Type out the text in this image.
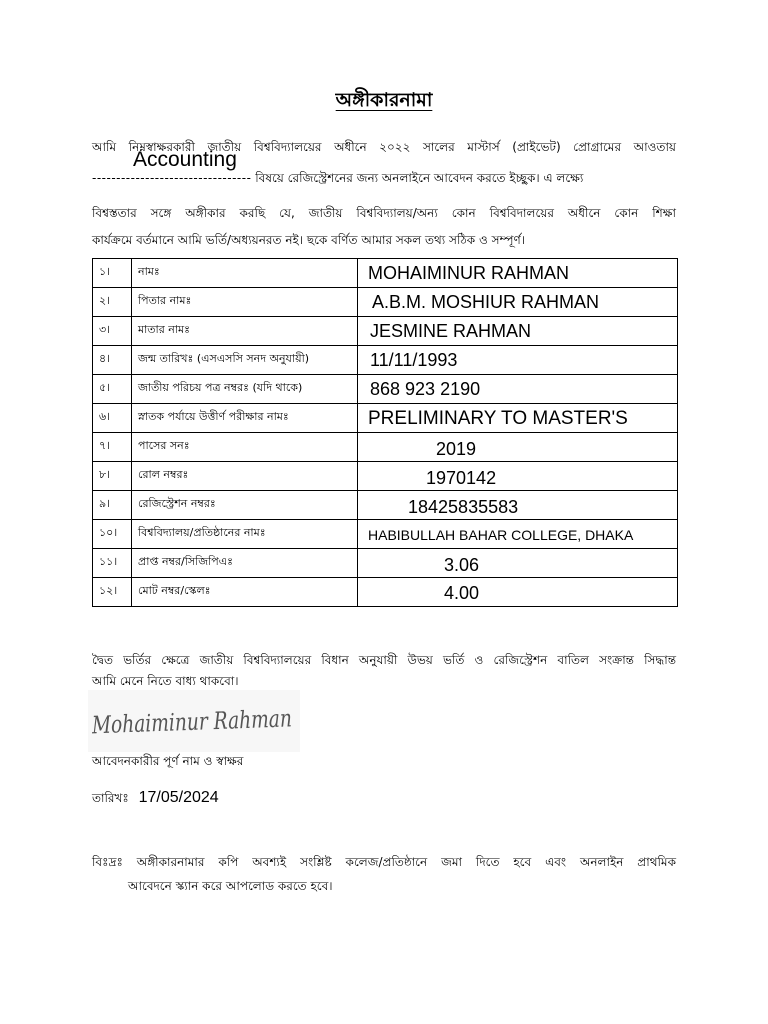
অঙ্গীকারনামা
আমি নিম্নস্বাক্ষরকারী জাতীয় বিশ্ববিদ্যালয়ের অধীনে ২০২২ সালের মাস্টার্স (প্রাইভেট) প্রোগ্রামের আওতায়
Accounting
--------------------------------- বিষয়ে রেজিস্ট্রেশনের জন্য অনলাইনে আবেদন করতে ইচ্ছুক। এ লক্ষ্যে
বিশ্বস্ততার সঙ্গে অঙ্গীকার করছি যে, জাতীয় বিশ্ববিদ্যালয়/অন্য কোন বিশ্ববিদালয়ের অধীনে কোন শিক্ষা
কার্যক্রমে বর্তমানে আমি ভর্তি/অধ্যয়নরত নই। ছকে বর্ণিত আমার সকল তথ্য সঠিক ও সম্পূর্ণ।
১।	নামঃ	MOHAIMINUR RAHMAN
২।	পিতার নামঃ	A.B.M. MOSHIUR RAHMAN
৩।	মাতার নামঃ	JESMINE RAHMAN
৪।	জন্ম তারিখঃ (এসএসসি সনদ অনুযায়ী)	11/11/1993
৫।	জাতীয় পরিচয় পত্র নম্বরঃ (যদি থাকে)	868 923 2190
৬।	স্নাতক পর্যায়ে উত্তীর্ণ পরীক্ষার নামঃ	PRELIMINARY TO MASTER'S
৭।	পাসের সনঃ	2019
৮।	রোল নম্বরঃ	1970142
৯।	রেজিস্ট্রেশন নম্বরঃ	18425835583
১০।	বিশ্ববিদ্যালয়/প্রতিষ্ঠানের নামঃ	HABIBULLAH BAHAR COLLEGE, DHAKA
১১।	প্রাপ্ত নম্বর/সিজিপিএঃ	3.06
১২।	মোট নম্বর/স্কেলঃ	4.00
দ্বৈত ভর্তির ক্ষেত্রে জাতীয় বিশ্ববিদ্যালয়ের বিধান অনুযায়ী উভয় ভর্তি ও রেজিস্ট্রেশন বাতিল সংক্রান্ত সিদ্ধান্ত
আমি মেনে নিতে বাধ্য থাকবো।
Mohaiminur Rahman
আবেদনকারীর পূর্ণ নাম ও স্বাক্ষর
তারিখঃ 17/05/2024
বিঃদ্রঃ অঙ্গীকারনামার কপি অবশ্যই সংশ্লিষ্ট কলেজ/প্রতিষ্ঠানে জমা দিতে হবে এবং অনলাইন প্রাথমিক
আবেদনে স্ক্যান করে আপলোড করতে হবে।
